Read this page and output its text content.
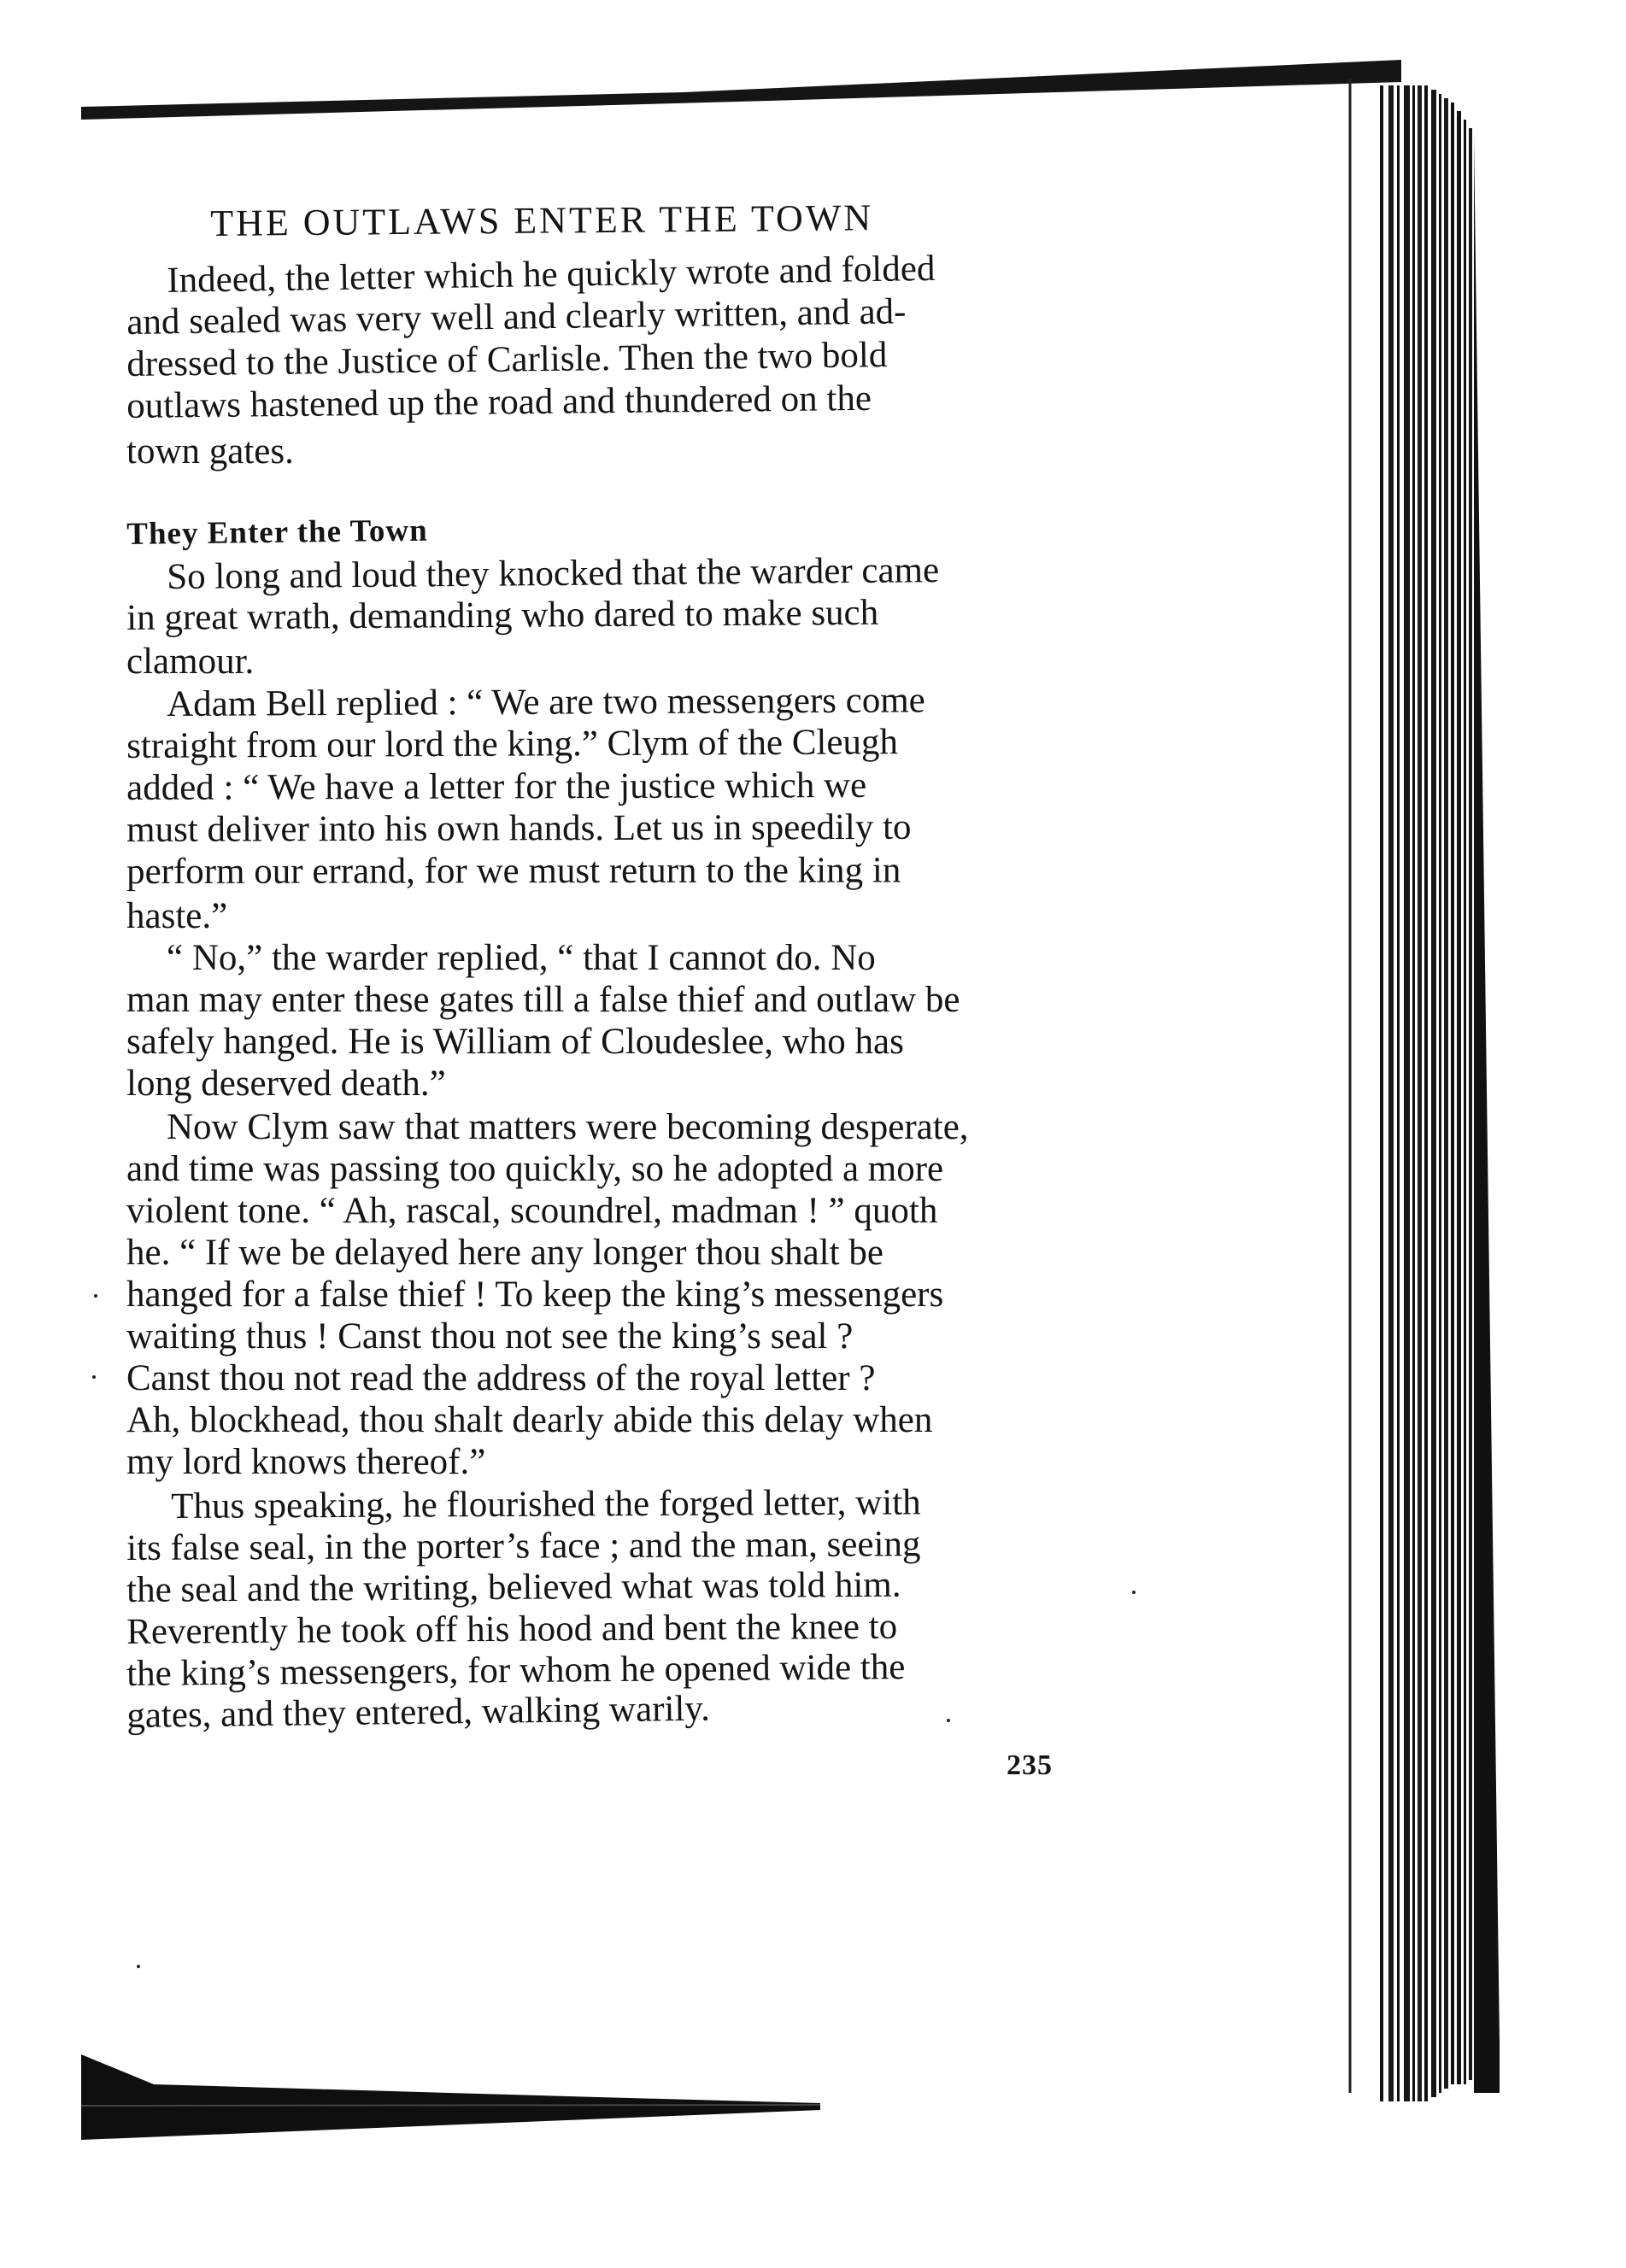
THE OUTLAWS ENTER THE TOWN
Indeed, the letter which he quickly wrote and folded
and sealed was very well and clearly written, and ad-
dressed to the Justice of Carlisle. Then the two bold
outlaws hastened up the road and thundered on the
town gates.
They Enter the Town
So long and loud they knocked that the warder came
in great wrath, demanding who dared to make such
clamour.
Adam Bell replied : “ We are two messengers come
straight from our lord the king.” Clym of the Cleugh
added : “ We have a letter for the justice which we
must deliver into his own hands. Let us in speedily to
perform our errand, for we must return to the king in
haste.”
“ No,” the warder replied, “ that I cannot do. No
man may enter these gates till a false thief and outlaw be
safely hanged. He is William of Cloudeslee, who has
long deserved death.”
Now Clym saw that matters were becoming desperate,
and time was passing too quickly, so he adopted a more
violent tone. “ Ah, rascal, scoundrel, madman ! ” quoth
he. “ If we be delayed here any longer thou shalt be
hanged for a false thief ! To keep the king’s messengers
waiting thus ! Canst thou not see the king’s seal ?
Canst thou not read the address of the royal letter ?
Ah, blockhead, thou shalt dearly abide this delay when
my lord knows thereof.”
Thus speaking, he flourished the forged letter, with
its false seal, in the porter’s face ; and the man, seeing
the seal and the writing, believed what was told him.
Reverently he took off his hood and bent the knee to
the king’s messengers, for whom he opened wide the
gates, and they entered, walking warily.
235
